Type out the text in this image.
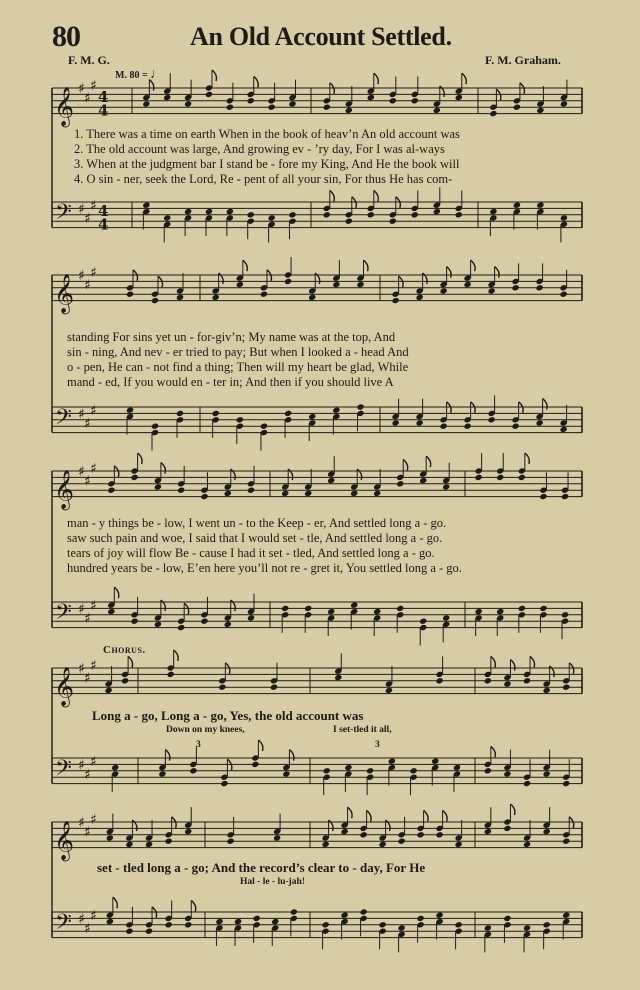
80	An Old Account Settled.
F. M. G.	F. M. Graham.
M. 80 = ♩
𝄞 ♯
♯
♯
4
4
𝄢 ♯
♯
♯ 4
4
𝄞 ♯
♯
♯
𝄢 ♯
♯
♯
𝄞 ♯
♯
♯
𝄢 ♯
♯
♯
𝄞 ♯
♯
♯
𝄢 ♯
♯
♯
𝄞 ♯
♯
♯
𝄢 ♯
♯
♯
1. There was a time on earth When in the book of heav’n An old account was
2. The old account was large, And growing ev - ’ry day, For I was al-ways
3. When at the judgment bar I stand be - fore my King, And He the book will
4. O sin - ner, seek the Lord, Re - pent of all your sin, For thus He has com-
standing For sins yet un - for-giv’n; My name was at the top, And
sin - ning, And nev - er tried to pay; But when I looked a - head And
o - pen, He can - not find a thing; Then will my heart be glad, While
mand - ed, If you would en - ter in; And then if you should live A
man - y things be - low, I went un - to the Keep - er, And settled long a - go.
saw such pain and woe, I said that I would set - tle, And settled long a - go.
tears of joy will flow Be - cause I had it set - tled, And settled long a - go.
hundred years be - low, E’en here you’ll not re - gret it, You settled long a - go.
Chorus.
Long a - go, Long a - go, Yes, the old account was
Down on my knees,	I set-tled it all,
3	3
set - tled long a - go; And the record’s clear to - day, For He
Hal - le - lu-jah!
